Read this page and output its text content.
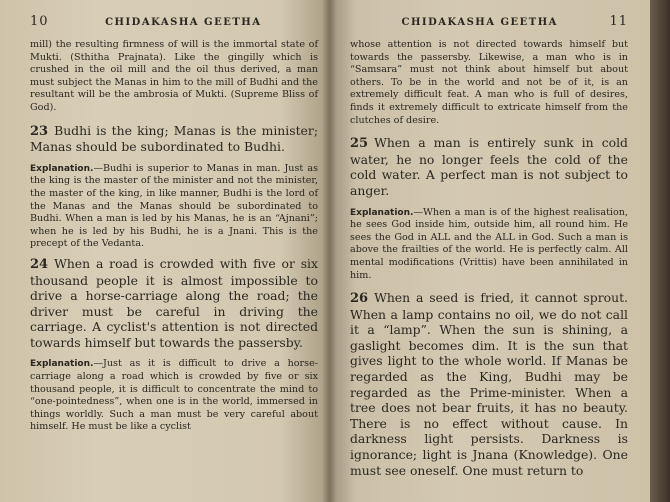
10	CHIDAKASHA GEETHA

mill) the resulting firmness of will is the immortal state of Mukti. (Sthitha Prajnata). Like the gingilly which is crushed in the oil mill and the oil thus derived, a man must subject the Manas in him to the mill of Budhi and the resultant will be the ambrosia of Mukti. (Supreme Bliss of God).

23 Budhi is the king; Manas is the minister; Manas should be subordinated to Budhi.

Explanation.—Budhi is superior to Manas in man. Just as the king is the master of the minister and not the minister, the master of the king, in like manner, Budhi is the lord of the Manas and the Manas should be subordinated to Budhi. When a man is led by his Manas, he is an “Ajnani”; when he is led by his Budhi, he is a Jnani. This is the precept of the Vedanta.

24 When a road is crowded with five or six thousand people it is almost impossible to drive a horse-carriage along the road; the driver must be careful in driving the carriage. A cyclist's attention is not directed towards himself but towards the passersby.

Explanation.—Just as it is difficult to drive a horse-carriage along a road which is crowded by five or six thousand people, it is difficult to concentrate the mind to “one-pointedness”, when one is in the world, immersed in things worldly. Such a man must be very careful about himself. He must be like a cyclist

CHIDAKASHA GEETHA	11

whose attention is not directed towards himself but towards the passersby. Likewise, a man who is in “Samsara” must not think about himself but about others. To be in the world and not be of it, is an extremely difficult feat. A man who is full of desires, finds it extremely difficult to extricate himself from the clutches of desire.

25 When a man is entirely sunk in cold water, he no longer feels the cold of the cold water. A perfect man is not subject to anger.

Explanation.—When a man is of the highest realisation, he sees God inside him, outside him, all round him. He sees the God in ALL and the ALL in God. Such a man is above the frailties of the world. He is perfectly calm. All mental modifications (Vrittis) have been annihilated in him.

26 When a seed is fried, it cannot sprout. When a lamp contains no oil, we do not call it a “lamp”. When the sun is shining, a gaslight becomes dim. It is the sun that gives light to the whole world. If Manas be regarded as the King, Budhi may be regarded as the Prime-minister. When a tree does not bear fruits, it has no beauty. There is no effect without cause. In darkness light persists. Darkness is ignorance; light is Jnana (Knowledge). One must see oneself. One must return to
